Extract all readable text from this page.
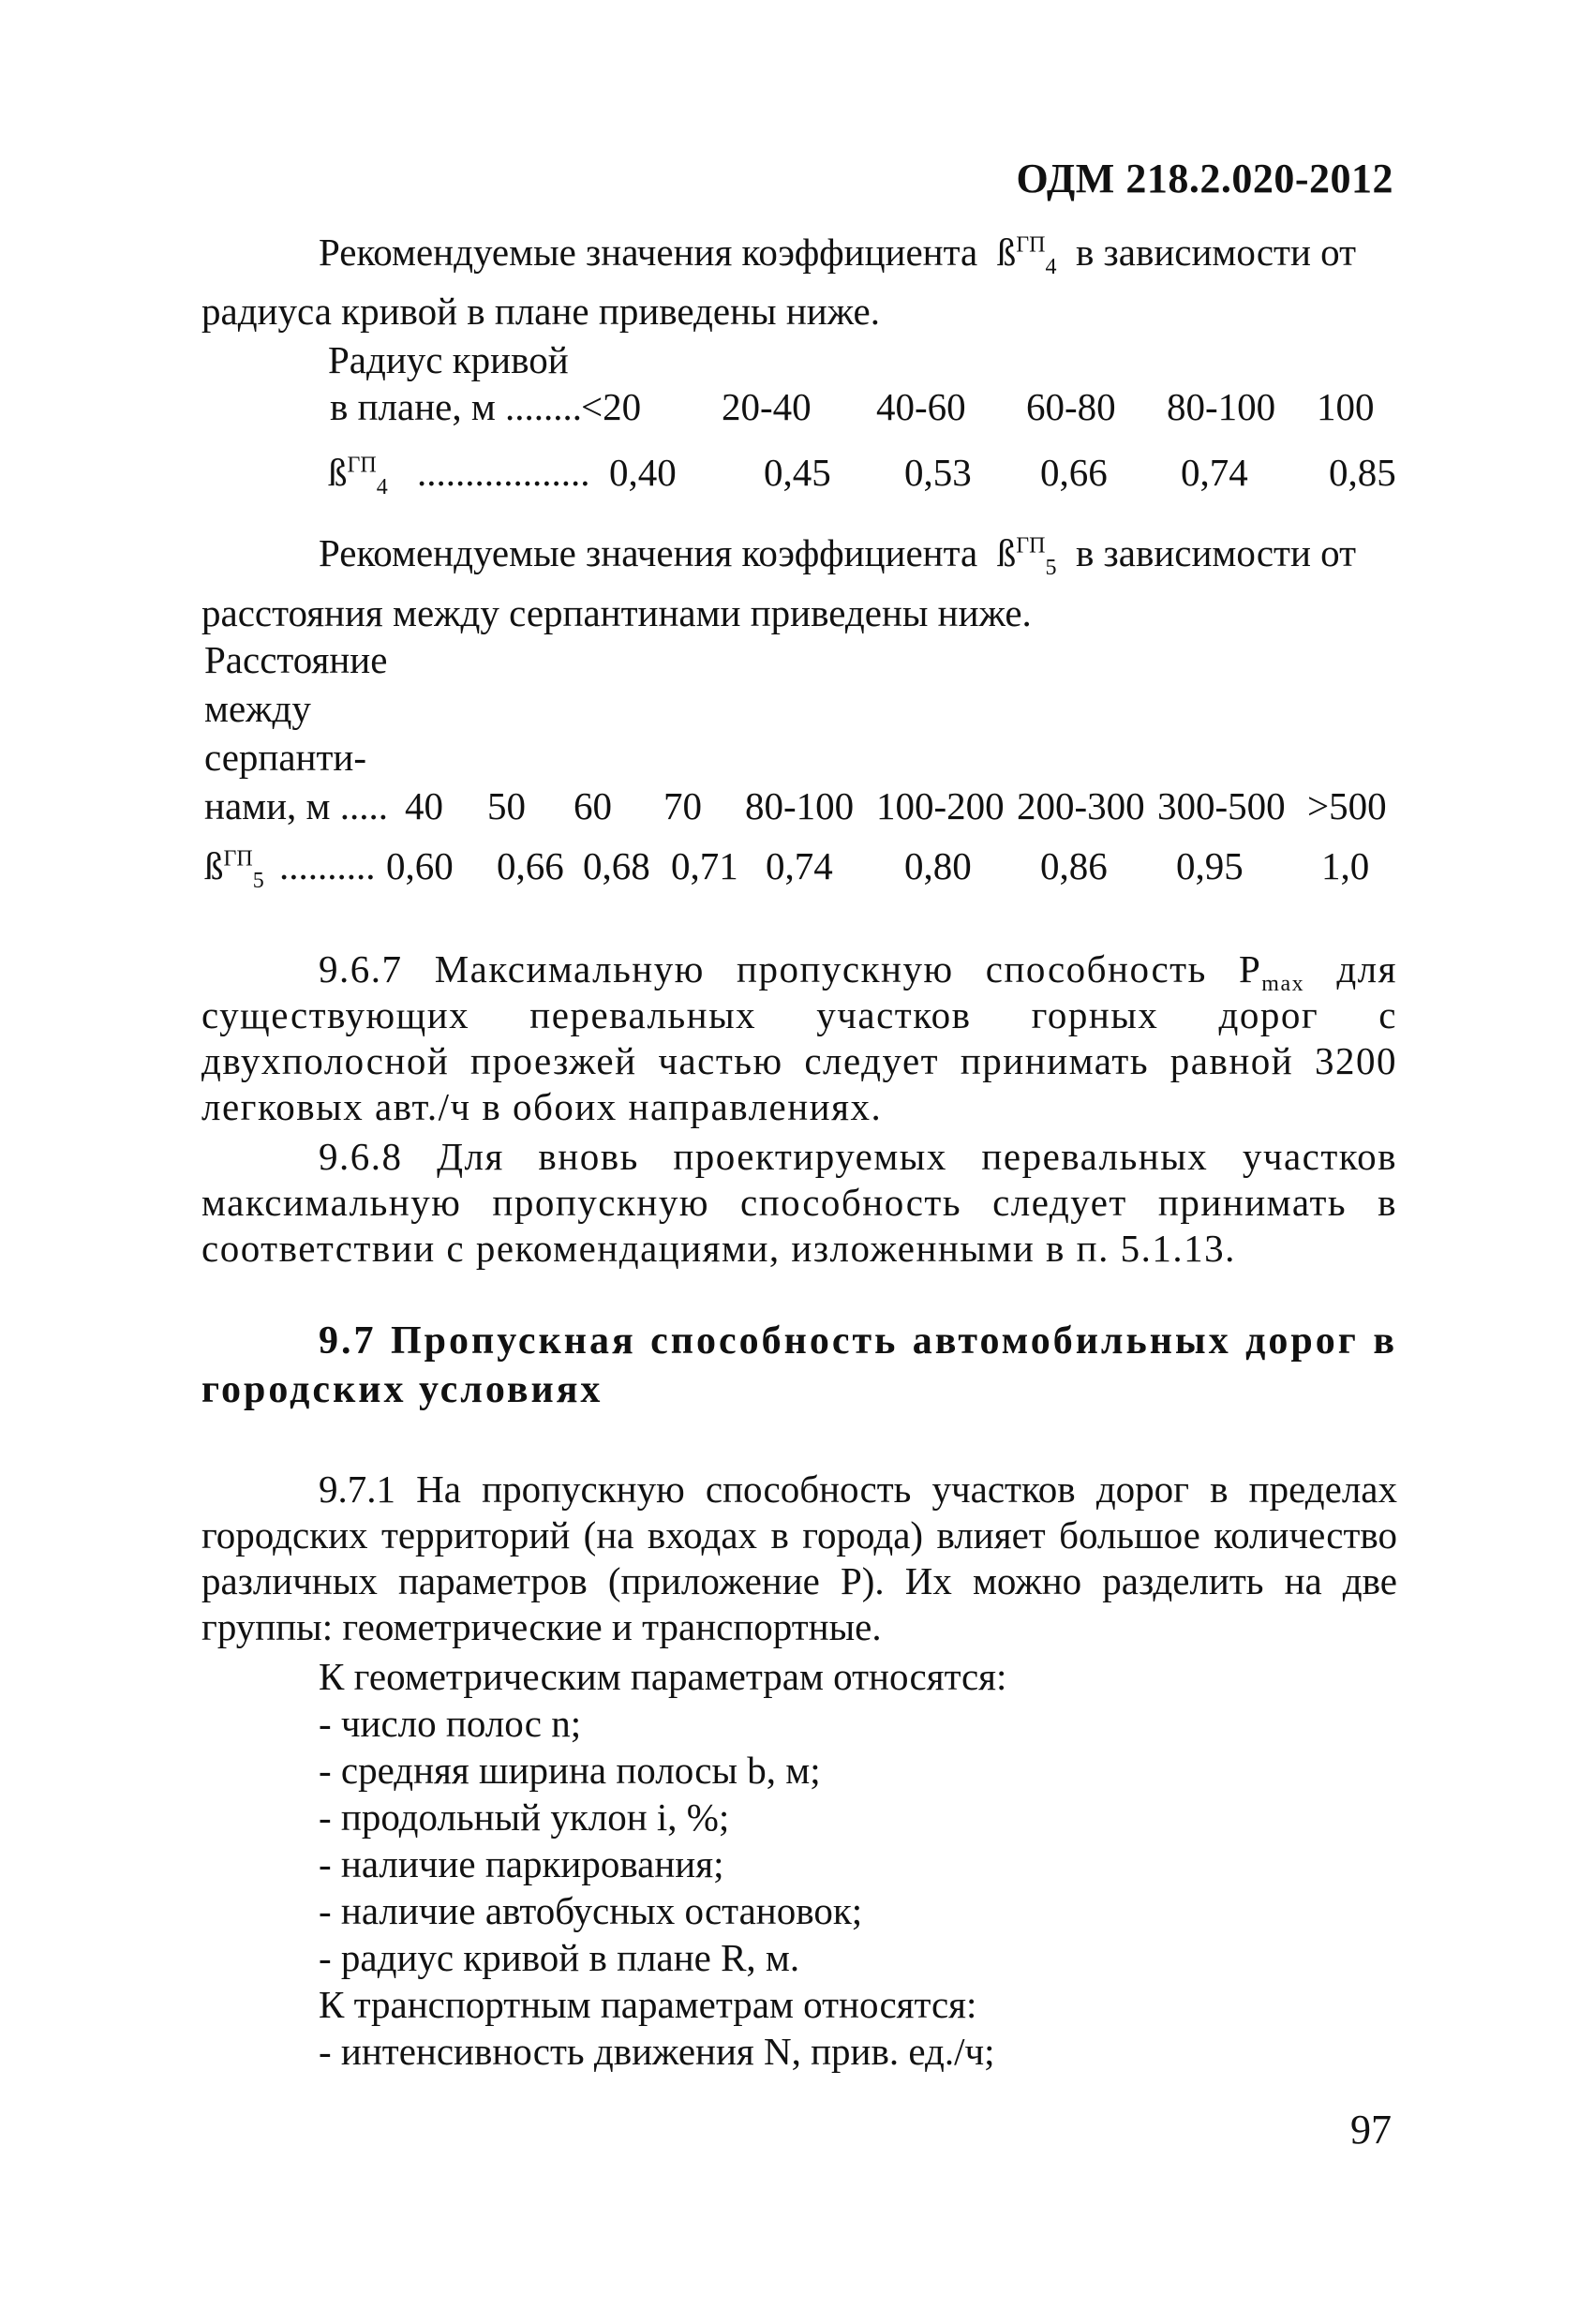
ОДМ 218.2.020-2012
Рекомендуемые значения коэффициента $ß^{ГП}_4$ в зависимости от
радиуса кривой в плане приведены ниже.
Радиус кривой
в плане, м ........
<20 20-40 40-60 60-80 80-100 100
$ß^{ГП}_4$ .................. 0,40 0,45 0,53 0,66 0,74 0,85
Рекомендуемые значения коэффициента $ß^{ГП}_5$ в зависимости от
расстояния между серпантинами приведены ниже.
Расстояние
между
серпанти-
нами, м ..... 40 50 60 70 80-100 100-200 200-300 300-500 >500
$ß^{ГП}_5$ .......... 0,60 0,66 0,68 0,71 0,74 0,80 0,86 0,95 1,0
9.6.7 Максимальную пропускную способность $P_{max}$ для существующих перевальных участков горных дорог с двухполосной проезжей частью следует принимать равной 3200 легковых авт./ч в обоих направлениях.
9.6.8 Для вновь проектируемых перевальных участков максимальную пропускную способность следует принимать в соответствии с рекомендациями, изложенными в п. 5.1.13.
9.7 Пропускная способность автомобильных дорог в городских условиях
9.7.1 На пропускную способность участков дорог в пределах городских территорий (на входах в города) влияет большое количество различных параметров (приложение Р). Их можно разделить на две группы: геометрические и транспортные.
К геометрическим параметрам относятся:
- число полос n;
- средняя ширина полосы b, м;
- продольный уклон i, %;
- наличие паркирования;
- наличие автобусных остановок;
- радиус кривой в плане R, м.
К транспортным параметрам относятся:
- интенсивность движения N, прив. ед./ч;
97
